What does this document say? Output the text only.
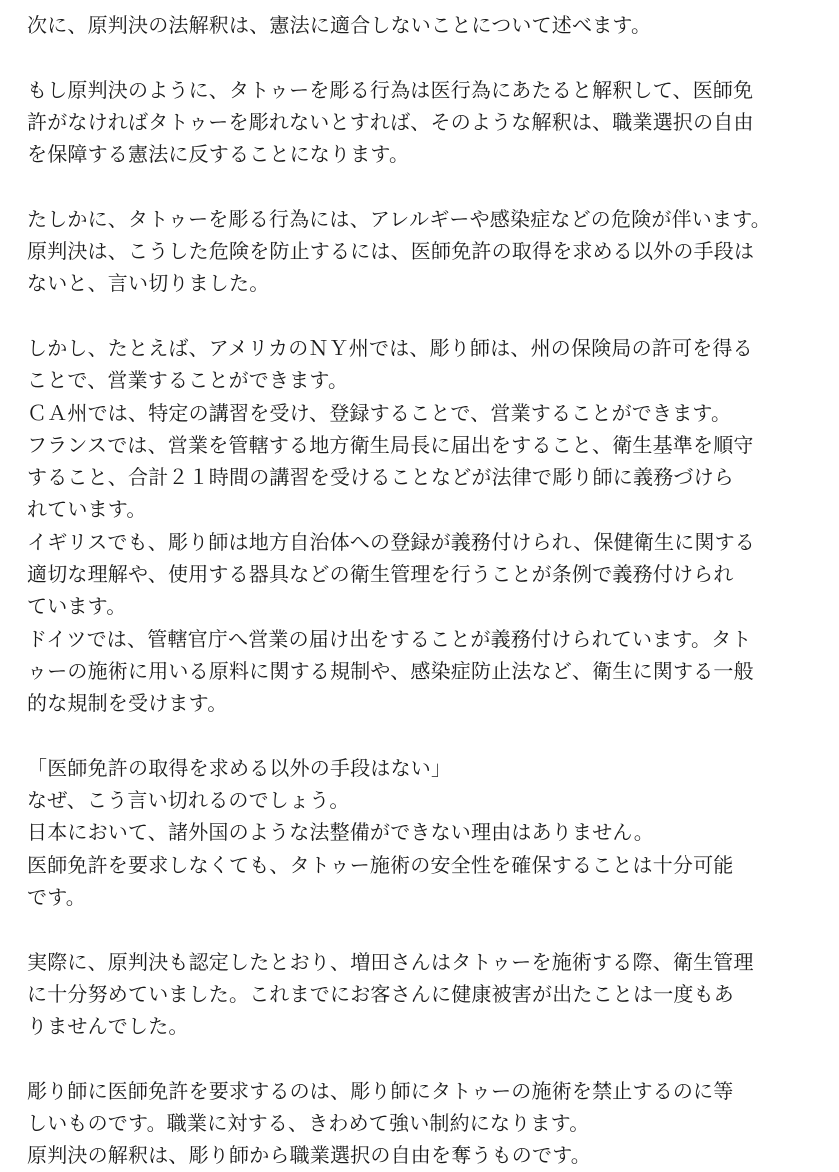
次に、原判決の法解釈は、憲法に適合しないことについて述べます。
もし原判決のように、タトゥーを彫る行為は医行為にあたると解釈して、医師免
許がなければタトゥーを彫れないとすれば、そのような解釈は、職業選択の自由
を保障する憲法に反することになります。
たしかに、タトゥーを彫る行為には、アレルギーや感染症などの危険が伴います。
原判決は、こうした危険を防止するには、医師免許の取得を求める以外の手段は
ないと、言い切りました。
しかし、たとえば、アメリカのＮＹ州では、彫り師は、州の保険局の許可を得る
ことで、営業することができます。
ＣＡ州では、特定の講習を受け、登録することで、営業することができます。
フランスでは、営業を管轄する地方衛生局長に届出をすること、衛生基準を順守
すること、合計２１時間の講習を受けることなどが法律で彫り師に義務づけら
れています。
イギリスでも、彫り師は地方自治体への登録が義務付けられ、保健衛生に関する
適切な理解や、使用する器具などの衛生管理を行うことが条例で義務付けられ
ています。
ドイツでは、管轄官庁へ営業の届け出をすることが義務付けられています。タト
ゥーの施術に用いる原料に関する規制や、感染症防止法など、衛生に関する一般
的な規制を受けます。
「医師免許の取得を求める以外の手段はない」
なぜ、こう言い切れるのでしょう。
日本において、諸外国のような法整備ができない理由はありません。
医師免許を要求しなくても、タトゥー施術の安全性を確保することは十分可能
です。
実際に、原判決も認定したとおり、増田さんはタトゥーを施術する際、衛生管理
に十分努めていました。これまでにお客さんに健康被害が出たことは一度もあ
りませんでした。
彫り師に医師免許を要求するのは、彫り師にタトゥーの施術を禁止するのに等
しいものです。職業に対する、きわめて強い制約になります。
原判決の解釈は、彫り師から職業選択の自由を奪うものです。
